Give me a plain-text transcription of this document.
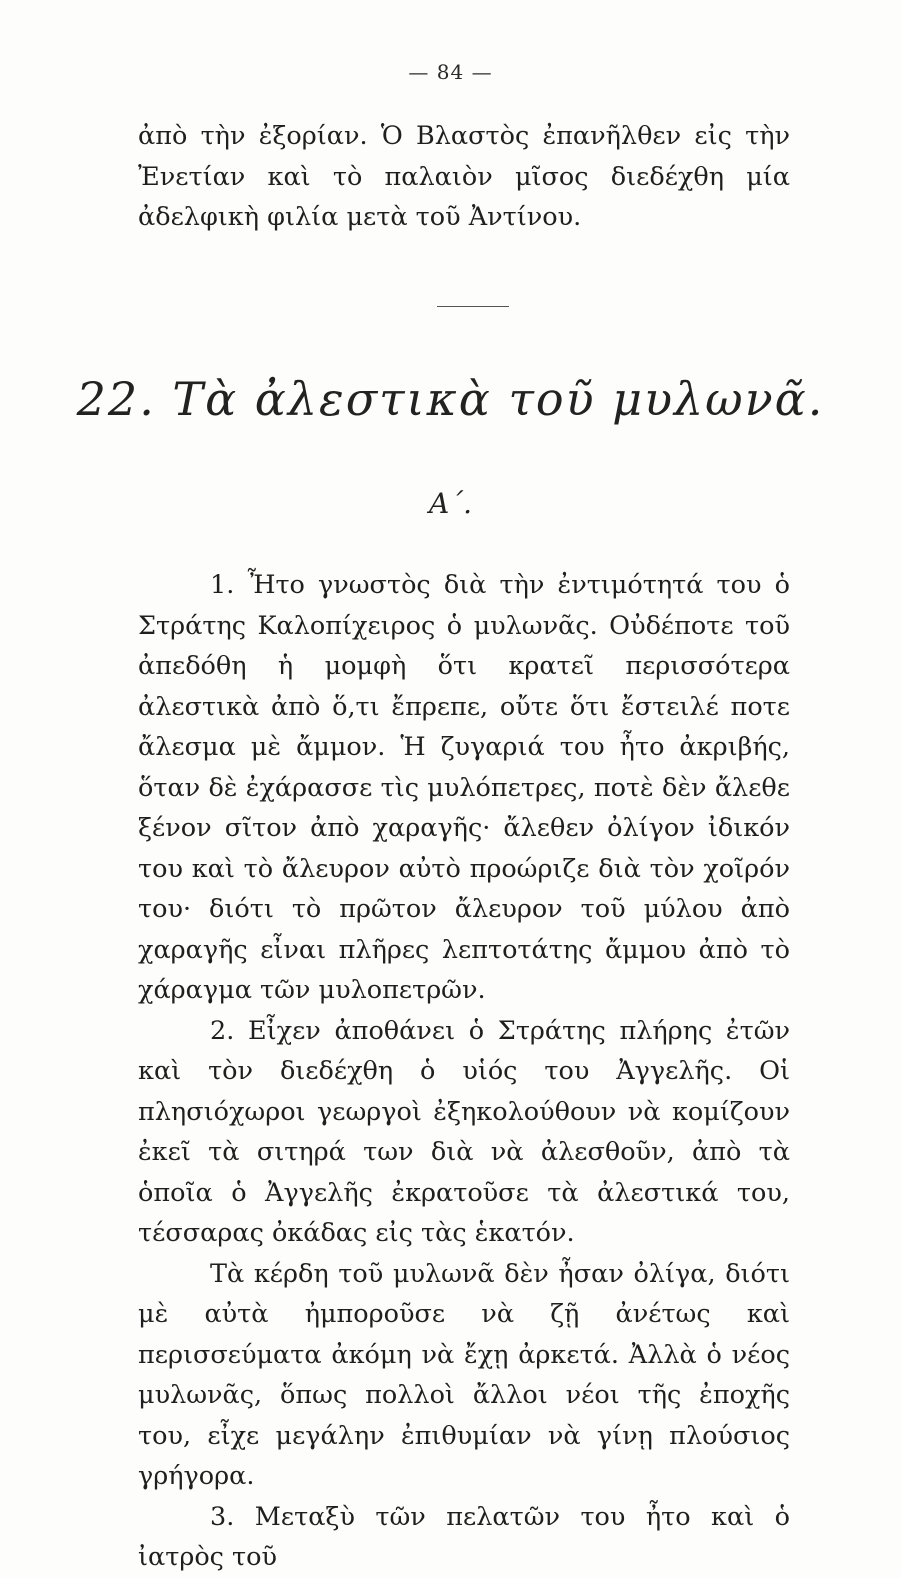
— 84 —

ἀπὸ τὴν ἐξορίαν. Ὁ Βλαστὸς ἐπανῆλθεν εἰς τὴν Ἐνετίαν καὶ τὸ παλαιὸν μῖσος διεδέχθη μία ἀδελφικὴ φιλία μετὰ τοῦ Ἀντίνου.

22. Τὰ ἀλεστικὰ τοῦ μυλωνᾶ.
Α΄.

1. Ἦτο γνωστὸς διὰ τὴν ἐντιμότητά του ὁ Στράτης Καλοπίχειρος ὁ μυλωνᾶς. Οὐδέποτε τοῦ ἀπεδόθη ἡ μομφὴ ὅτι κρατεῖ περισσότερα ἀλεστικὰ ἀπὸ ὅ,τι ἔπρεπε, οὔτε ὅτι ἔστειλέ ποτε ἄλεσμα μὲ ἄμμον. Ἡ ζυγαριά του ἦτο ἀκριβής, ὅταν δὲ ἐχάρασσε τὶς μυλόπετρες, ποτὲ δὲν ἄλεθε ξένον σῖτον ἀπὸ χαραγῆς· ἄλεθεν ὀλίγον ἰδικόν του καὶ τὸ ἄλευρον αὐτὸ προώριζε διὰ τὸν χοῖρόν του· διότι τὸ πρῶτον ἄλευρον τοῦ μύλου ἀπὸ χαραγῆς εἶναι πλῆρες λεπτοτάτης ἄμμου ἀπὸ τὸ χάραγμα τῶν μυλοπετρῶν.

2. Εἶχεν ἀποθάνει ὁ Στράτης πλήρης ἐτῶν καὶ τὸν διεδέχθη ὁ υἱός του Ἀγγελῆς. Οἱ πλησιόχωροι γεωργοὶ ἐξηκολούθουν νὰ κομίζουν ἐκεῖ τὰ σιτηρά των διὰ νὰ ἀλεσθοῦν, ἀπὸ τὰ ὁποῖα ὁ Ἀγγελῆς ἐκρατοῦσε τὰ ἀλεστικά του, τέσσαρας ὀκάδας εἰς τὰς ἑκατόν.

Τὰ κέρδη τοῦ μυλωνᾶ δὲν ἦσαν ὀλίγα, διότι μὲ αὐτὰ ἠμποροῦσε νὰ ζῇ ἀνέτως καὶ περισσεύματα ἀκόμη νὰ ἔχῃ ἀρκετά. Ἀλλὰ ὁ νέος μυλωνᾶς, ὅπως πολλοὶ ἄλλοι νέοι τῆς ἐποχῆς του, εἶχε μεγάλην ἐπιθυμίαν νὰ γίνῃ πλούσιος γρήγορα.

3. Μεταξὺ τῶν πελατῶν του ἦτο καὶ ὁ ἰατρὸς τοῦ
